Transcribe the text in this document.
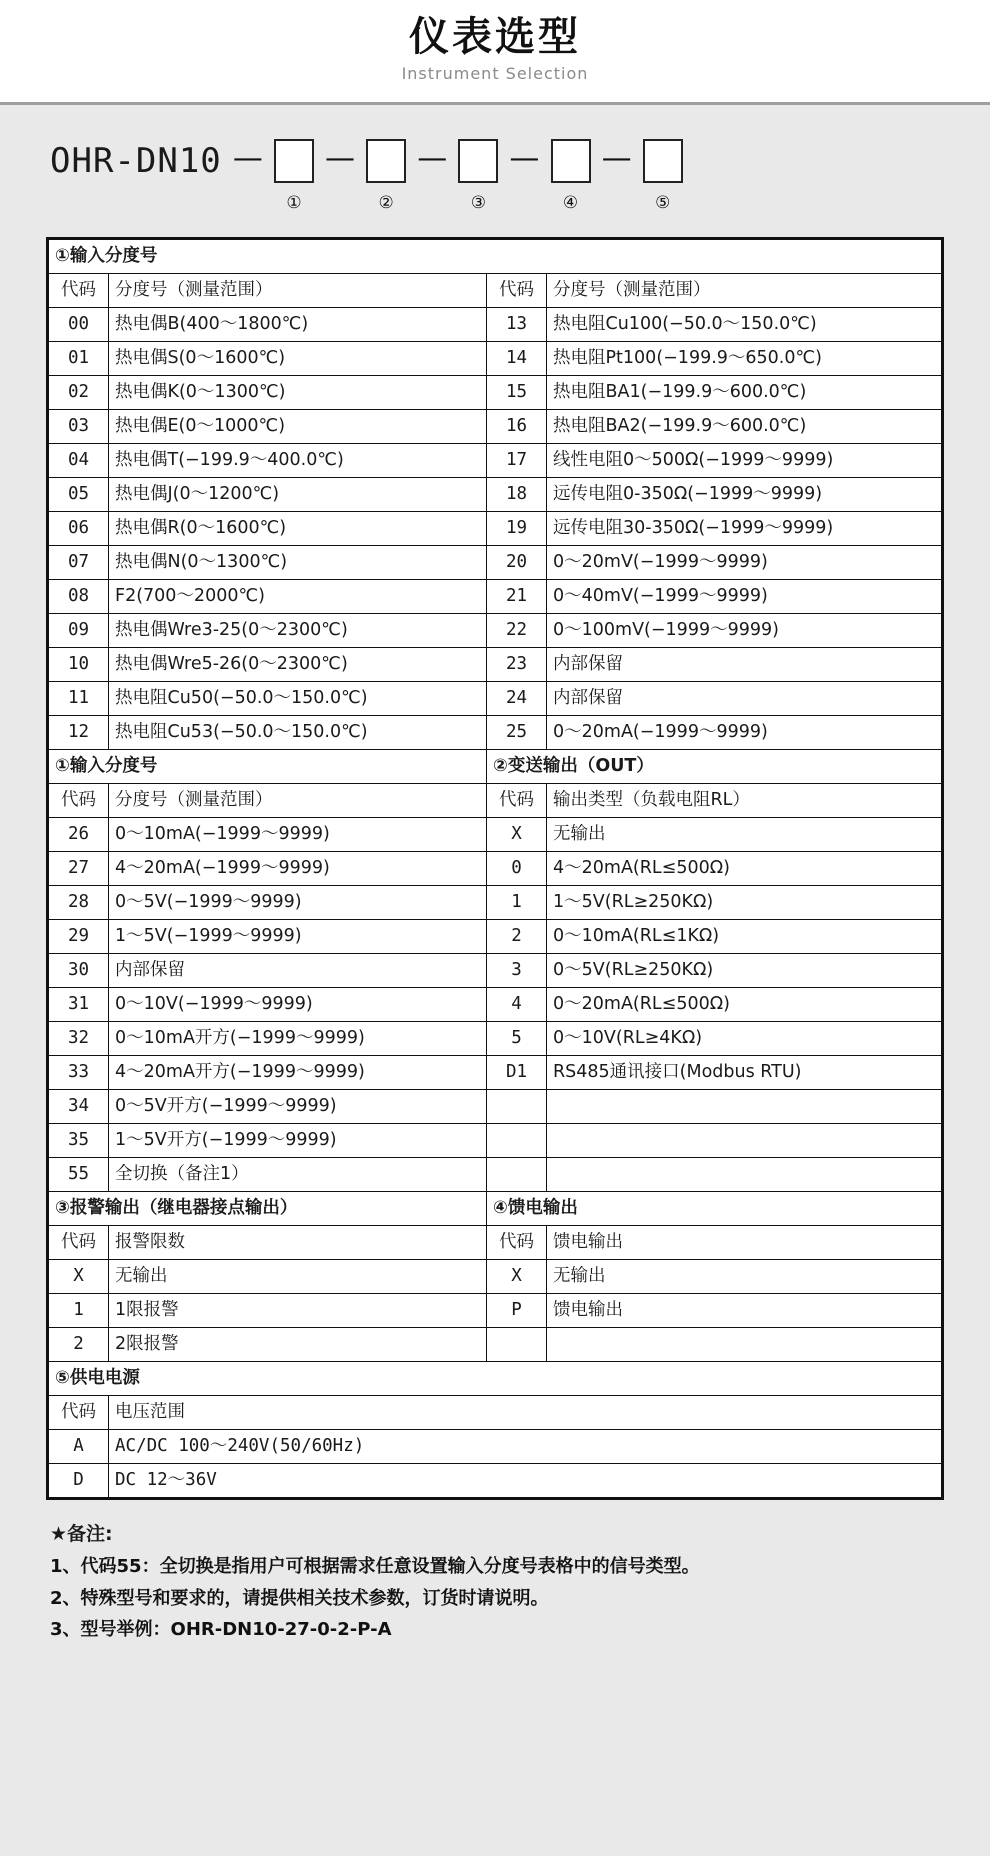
仪表选型
Instrument Selection
OHR-DN10 —
①
—
②
—
③
—
④
—
⑤
①输入分度号			
代码	分度号（测量范围）	代码	分度号（测量范围）
00	热电偶B(400～1800℃)	13	热电阻Cu100(−50.0～150.0℃)
01	热电偶S(0～1600℃)	14	热电阻Pt100(−199.9～650.0℃)
02	热电偶K(0～1300℃)	15	热电阻BA1(−199.9～600.0℃)
03	热电偶E(0～1000℃)	16	热电阻BA2(−199.9～600.0℃)
04	热电偶T(−199.9～400.0℃)	17	线性电阻0～500Ω(−1999～9999)
05	热电偶J(0～1200℃)	18	远传电阻0-350Ω(−1999～9999)
06	热电偶R(0～1600℃)	19	远传电阻30-350Ω(−1999～9999)
07	热电偶N(0～1300℃)	20	0～20mV(−1999～9999)
08	F2(700～2000℃)	21	0～40mV(−1999～9999)
09	热电偶Wre3-25(0～2300℃)	22	0～100mV(−1999～9999)
10	热电偶Wre5-26(0～2300℃)	23	内部保留
11	热电阻Cu50(−50.0～150.0℃)	24	内部保留
12	热电阻Cu53(−50.0～150.0℃)	25	0～20mA(−1999～9999)
①输入分度号		②变送输出（OUT）	
代码	分度号（测量范围）	代码	输出类型（负载电阻RL）
26	0～10mA(−1999～9999)	X	无输出
27	4～20mA(−1999～9999)	0	4～20mA(RL≤500Ω)
28	0～5V(−1999～9999)	1	1～5V(RL≥250KΩ)
29	1～5V(−1999～9999)	2	0～10mA(RL≤1KΩ)
30	内部保留	3	0～5V(RL≥250KΩ)
31	0～10V(−1999～9999)	4	0～20mA(RL≤500Ω)
32	0～10mA开方(−1999～9999)	5	0～10V(RL≥4KΩ)
33	4～20mA开方(−1999～9999)	D1	RS485通讯接口(Modbus RTU)
34	0～5V开方(−1999～9999)		
35	1～5V开方(−1999～9999)		
55	全切换（备注1）		
③报警输出（继电器接点输出）		④馈电输出	
代码	报警限数	代码	馈电输出
X	无输出	X	无输出
1	1限报警	P	馈电输出
2	2限报警		
⑤供电电源			
代码	电压范围		
A	AC/DC 100～240V(50/60Hz)		
D	DC 12～36V		
★备注:
1、代码55：全切换是指用户可根据需求任意设置输入分度号表格中的信号类型。
2、特殊型号和要求的，请提供相关技术参数，订货时请说明。
3、型号举例：OHR-DN10-27-0-2-P-A
